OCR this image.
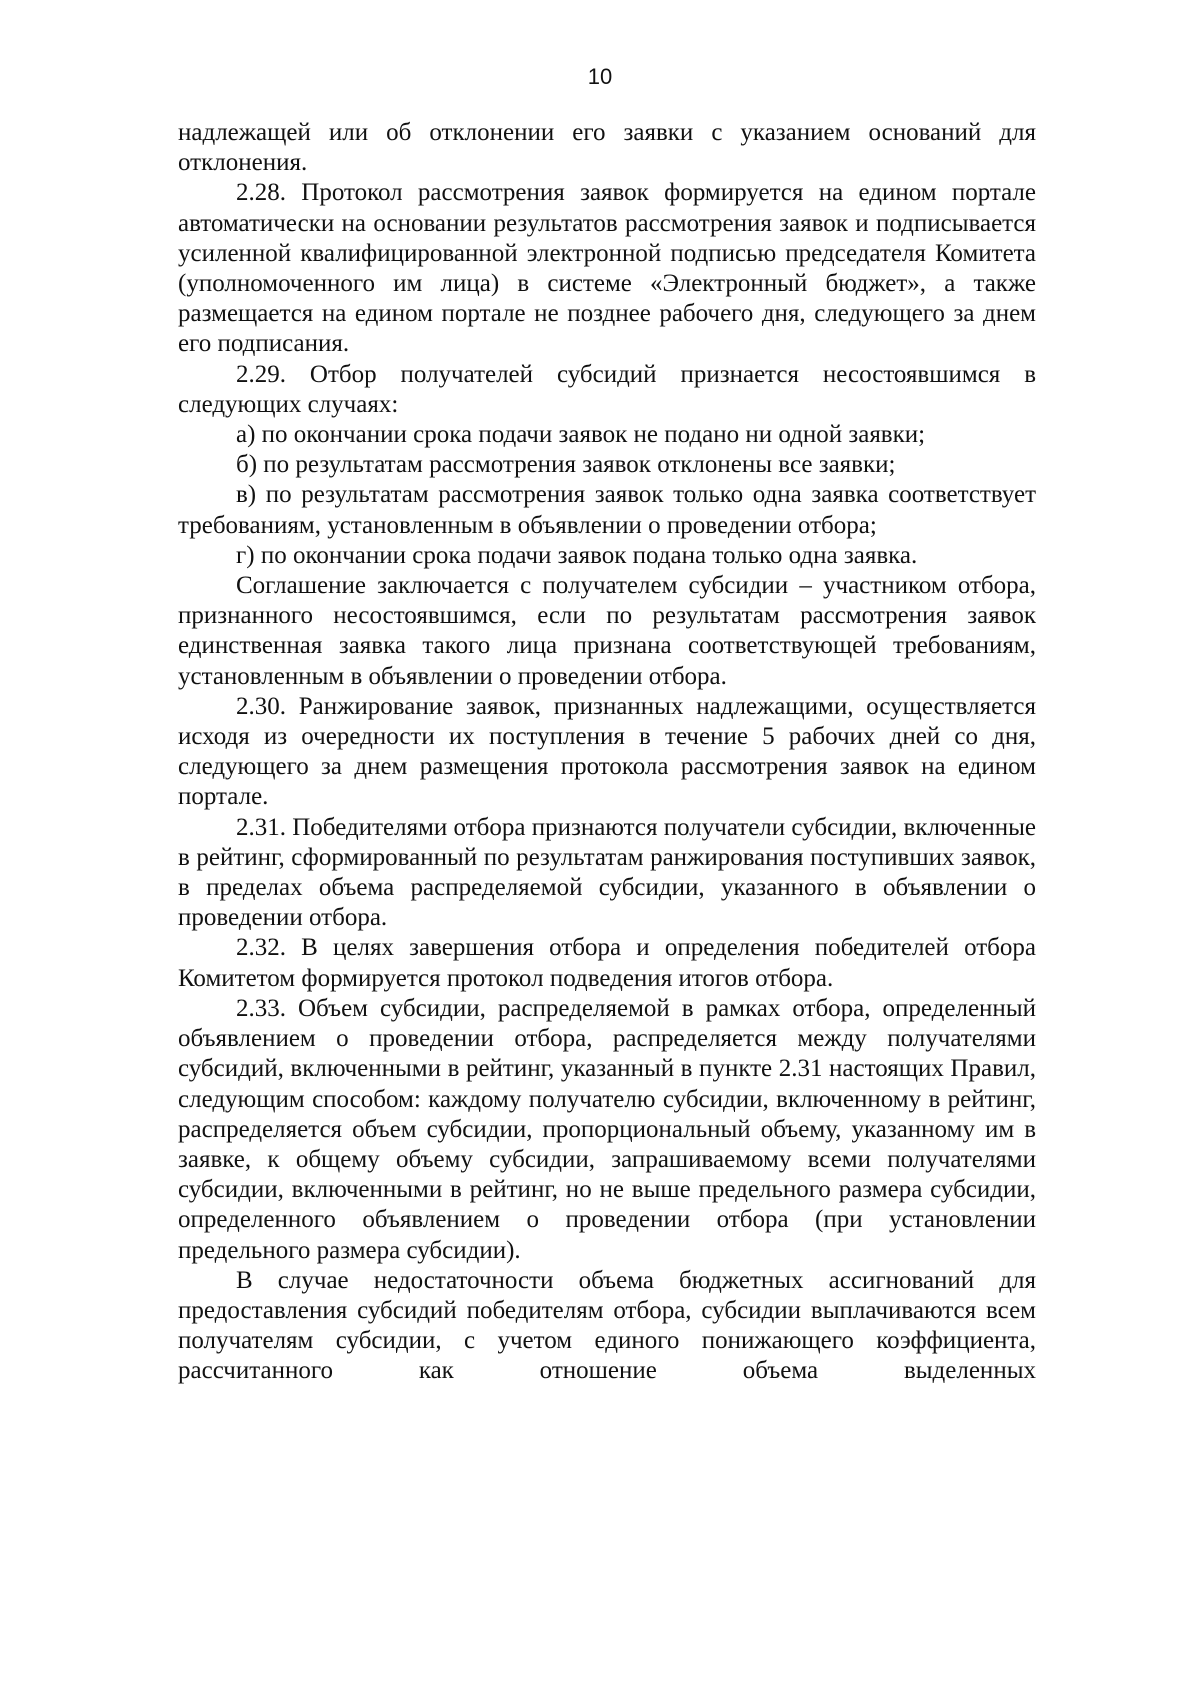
10

надлежащей или об отклонении его заявки с указанием оснований для отклонения.

2.28. Протокол рассмотрения заявок формируется на едином портале автоматически на основании результатов рассмотрения заявок и подписывается усиленной квалифицированной электронной подписью председателя Комитета (уполномоченного им лица) в системе «Электронный бюджет», а также размещается на едином портале не позднее рабочего дня, следующего за днем его подписания.

2.29. Отбор получателей субсидий признается несостоявшимся в следующих случаях:

а) по окончании срока подачи заявок не подано ни одной заявки;

б) по результатам рассмотрения заявок отклонены все заявки;

в) по результатам рассмотрения заявок только одна заявка соответствует требованиям, установленным в объявлении о проведении отбора;

г) по окончании срока подачи заявок подана только одна заявка.

Соглашение заключается с получателем субсидии – участником отбора, признанного несостоявшимся, если по результатам рассмотрения заявок единственная заявка такого лица признана соответствующей требованиям, установленным в объявлении о проведении отбора.

2.30. Ранжирование заявок, признанных надлежащими, осуществляется исходя из очередности их поступления в течение 5 рабочих дней со дня, следующего за днем размещения протокола рассмотрения заявок на едином портале.

2.31. Победителями отбора признаются получатели субсидии, включенные в рейтинг, сформированный по результатам ранжирования поступивших заявок, в пределах объема распределяемой субсидии, указанного в объявлении о проведении отбора.

2.32. В целях завершения отбора и определения победителей отбора Комитетом формируется протокол подведения итогов отбора.

2.33. Объем субсидии, распределяемой в рамках отбора, определенный объявлением о проведении отбора, распределяется между получателями субсидий, включенными в рейтинг, указанный в пункте 2.31 настоящих Правил, следующим способом: каждому получателю субсидии, включенному в рейтинг, распределяется объем субсидии, пропорциональный объему, указанному им в заявке, к общему объему субсидии, запрашиваемому всеми получателями субсидии, включенными в рейтинг, но не выше предельного размера субсидии, определенного объявлением о проведении отбора (при установлении предельного размера субсидии).

В случае недостаточности объема бюджетных ассигнований для предоставления субсидий победителям отбора, субсидии выплачиваются всем получателям субсидии, с учетом единого понижающего коэффициента, рассчитанного как отношение объема выделенных
